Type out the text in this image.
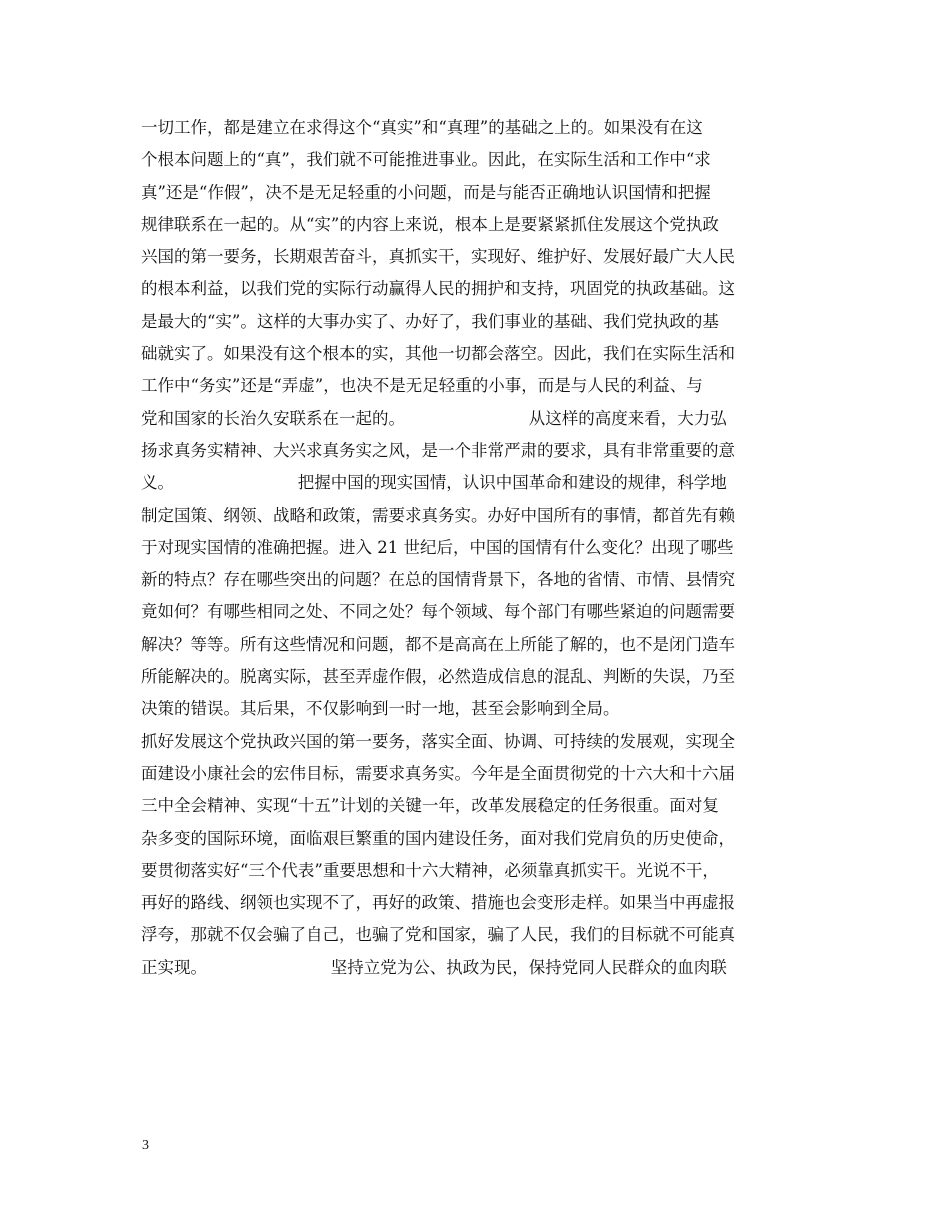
一切工作，都是建立在求得这个“真实”和“真理”的基础之上的。如果没有在这
个根本问题上的“真”，我们就不可能推进事业。因此，在实际生活和工作中“求
真”还是“作假”，决不是无足轻重的小问题，而是与能否正确地认识国情和把握
规律联系在一起的。从“实”的内容上来说，根本上是要紧紧抓住发展这个党执政
兴国的第一要务，长期艰苦奋斗，真抓实干，实现好、维护好、发展好最广大人民
的根本利益，以我们党的实际行动赢得人民的拥护和支持，巩固党的执政基础。这
是最大的“实”。这样的大事办实了、办好了，我们事业的基础、我们党执政的基
础就实了。如果没有这个根本的实，其他一切都会落空。因此，我们在实际生活和
工作中“务实”还是“弄虚”，也决不是无足轻重的小事，而是与人民的利益、与
党和国家的长治久安联系在一起的。　　　　　　　　从这样的高度来看，大力弘
扬求真务实精神、大兴求真务实之风，是一个非常严肃的要求，具有非常重要的意
义。　　　　　　　　把握中国的现实国情，认识中国革命和建设的规律，科学地
制定国策、纲领、战略和政策，需要求真务实。办好中国所有的事情，都首先有赖
于对现实国情的准确把握。进入 21 世纪后，中国的国情有什么变化？出现了哪些
新的特点？存在哪些突出的问题？在总的国情背景下，各地的省情、市情、县情究
竟如何？有哪些相同之处、不同之处？每个领域、每个部门有哪些紧迫的问题需要
解决？等等。所有这些情况和问题，都不是高高在上所能了解的，也不是闭门造车
所能解决的。脱离实际，甚至弄虚作假，必然造成信息的混乱、判断的失误，乃至
决策的错误。其后果，不仅影响到一时一地，甚至会影响到全局。
抓好发展这个党执政兴国的第一要务，落实全面、协调、可持续的发展观，实现全
面建设小康社会的宏伟目标，需要求真务实。今年是全面贯彻党的十六大和十六届
三中全会精神、实现“十五”计划的关键一年，改革发展稳定的任务很重。面对复
杂多变的国际环境，面临艰巨繁重的国内建设任务，面对我们党肩负的历史使命，
要贯彻落实好“三个代表”重要思想和十六大精神，必须靠真抓实干。光说不干，
再好的路线、纲领也实现不了，再好的政策、措施也会变形走样。如果当中再虚报
浮夸，那就不仅会骗了自己，也骗了党和国家，骗了人民，我们的目标就不可能真
正实现。　　　　　　　　坚持立党为公、执政为民，保持党同人民群众的血肉联
3
